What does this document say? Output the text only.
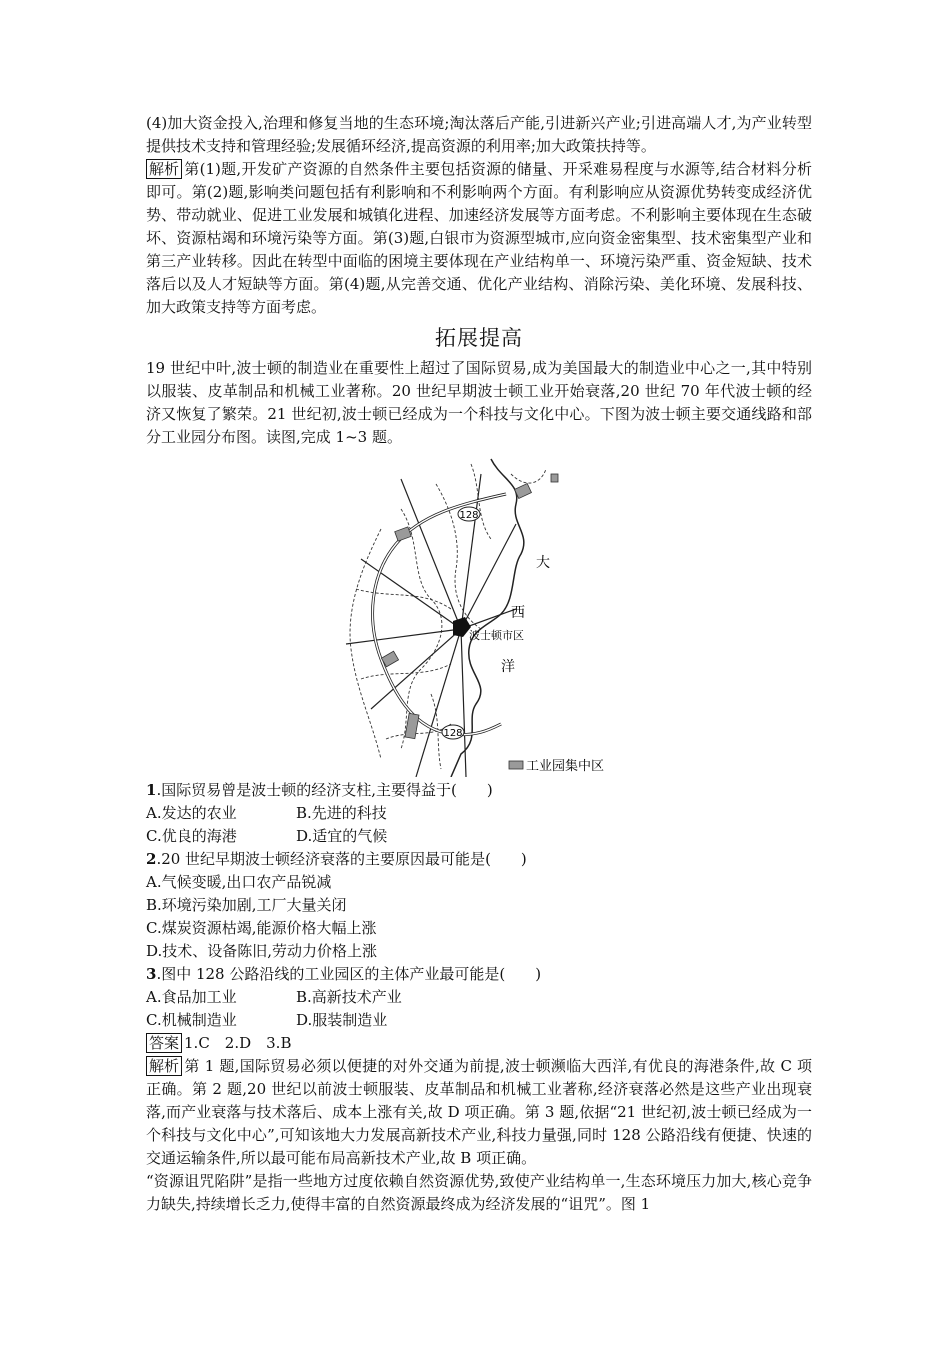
(4)加大资金投入,治理和修复当地的生态环境;淘汰落后产能,引进新兴产业;引进高端人才,为产业转型提供技术支持和管理经验;发展循环经济,提高资源的利用率;加大政策扶持等。

解析 第(1)题,开发矿产资源的自然条件主要包括资源的储量、开采难易程度与水源等,结合材料分析即可。第(2)题,影响类问题包括有利影响和不利影响两个方面。有利影响应从资源优势转变成经济优势、带动就业、促进工业发展和城镇化进程、加速经济发展等方面考虑。不利影响主要体现在生态破坏、资源枯竭和环境污染等方面。第(3)题,白银市为资源型城市,应向资金密集型、技术密集型产业和第三产业转移。因此在转型中面临的困境主要体现在产业结构单一、环境污染严重、资金短缺、技术落后以及人才短缺等方面。第(4)题,从完善交通、优化产业结构、消除污染、美化环境、发展科技、加大政策支持等方面考虑。

拓展提高

19 世纪中叶,波士顿的制造业在重要性上超过了国际贸易,成为美国最大的制造业中心之一,其中特别以服装、皮革制品和机械工业著称。20 世纪早期波士顿工业开始衰落,20 世纪 70 年代波士顿的经济又恢复了繁荣。21 世纪初,波士顿已经成为一个科技与文化中心。下图为波士顿主要交通线路和部分工业园分布图。读图,完成 1~3 题。

128
128
大
西
洋
波士顿市区
工业园集中区

1.国际贸易曾是波士顿的经济支柱,主要得益于(　　)

A.发达的农业	B.先进的科技

C.优良的海港	D.适宜的气候

2.20 世纪早期波士顿经济衰落的主要原因最可能是(　　)

A.气候变暖,出口农产品锐减

B.环境污染加剧,工厂大量关闭

C.煤炭资源枯竭,能源价格大幅上涨

D.技术、设备陈旧,劳动力价格上涨

3.图中 128 公路沿线的工业园区的主体产业最可能是(　　)

A.食品加工业	B.高新技术产业

C.机械制造业	D.服装制造业

答案 1.C　2.D　3.B

解析 第 1 题,国际贸易必须以便捷的对外交通为前提,波士顿濒临大西洋,有优良的海港条件,故 C 项正确。第 2 题,20 世纪以前波士顿服装、皮革制品和机械工业著称,经济衰落必然是这些产业出现衰落,而产业衰落与技术落后、成本上涨有关,故 D 项正确。第 3 题,依据“21 世纪初,波士顿已经成为一个科技与文化中心”,可知该地大力发展高新技术产业,科技力量强,同时 128 公路沿线有便捷、快速的交通运输条件,所以最可能布局高新技术产业,故 B 项正确。

“资源诅咒陷阱”是指一些地方过度依赖自然资源优势,致使产业结构单一,生态环境压力加大,核心竞争力缺失,持续增长乏力,使得丰富的自然资源最终成为经济发展的“诅咒”。图 1
